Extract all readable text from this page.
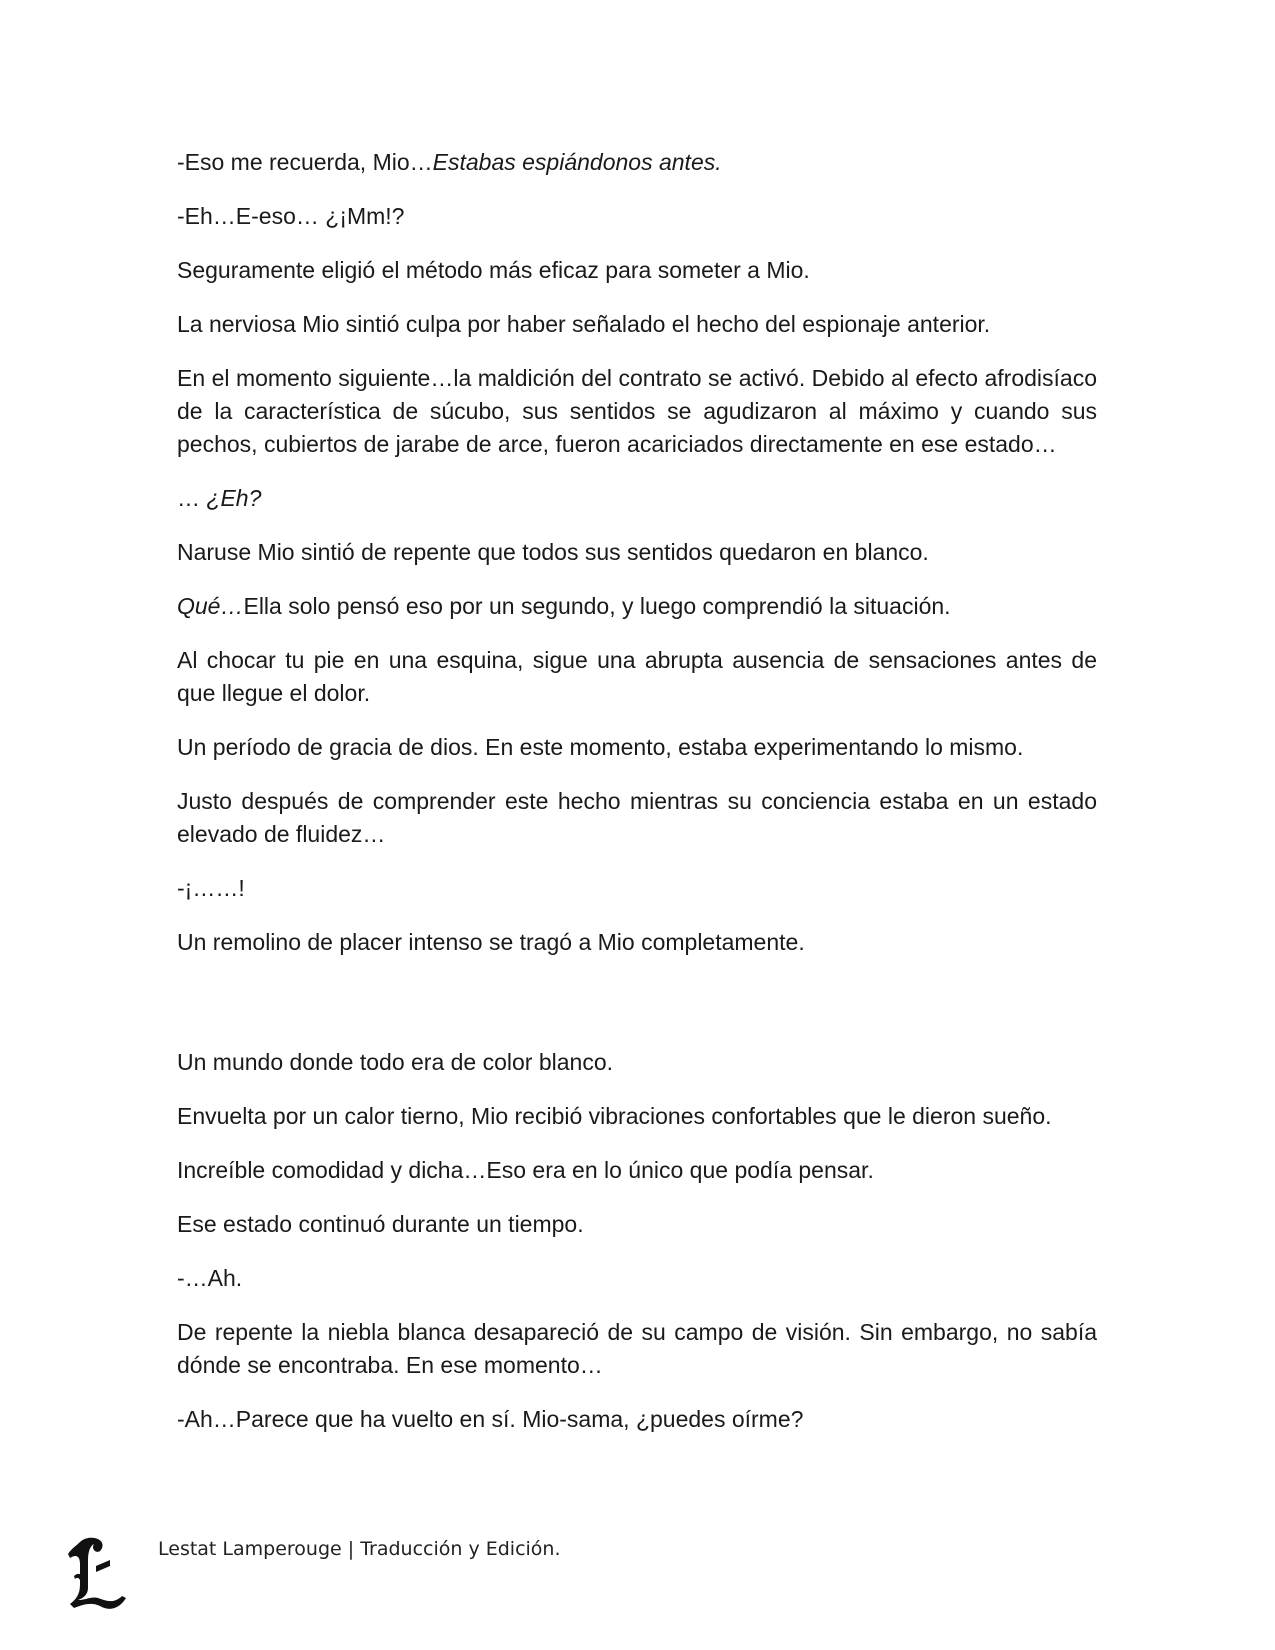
-Eso me recuerda, Mio…Estabas espiándonos antes.

-Eh…E-eso… ¿¡Mm!?

Seguramente eligió el método más eficaz para someter a Mio.

La nerviosa Mio sintió culpa por haber señalado el hecho del espionaje anterior.

En el momento siguiente…la maldición del contrato se activó. Debido al efecto afrodisíaco de la característica de súcubo, sus sentidos se agudizaron al máximo y cuando sus pechos, cubiertos de jarabe de arce, fueron acariciados directamente en ese estado…

… ¿Eh?

Naruse Mio sintió de repente que todos sus sentidos quedaron en blanco.

Qué…Ella solo pensó eso por un segundo, y luego comprendió la situación.

Al chocar tu pie en una esquina, sigue una abrupta ausencia de sensaciones antes de que llegue el dolor.

Un período de gracia de dios. En este momento, estaba experimentando lo mismo.

Justo después de comprender este hecho mientras su conciencia estaba en un estado elevado de fluidez…

-¡……!

Un remolino de placer intenso se tragó a Mio completamente.

Un mundo donde todo era de color blanco.

Envuelta por un calor tierno, Mio recibió vibraciones confortables que le dieron sueño.

Increíble comodidad y dicha…Eso era en lo único que podía pensar.

Ese estado continuó durante un tiempo.

-…Ah.

De repente la niebla blanca desapareció de su campo de visión. Sin embargo, no sabía dónde se encontraba. En ese momento…

-Ah…Parece que ha vuelto en sí. Mio-sama, ¿puedes oírme?

Lestat Lamperouge | Traducción y Edición.
